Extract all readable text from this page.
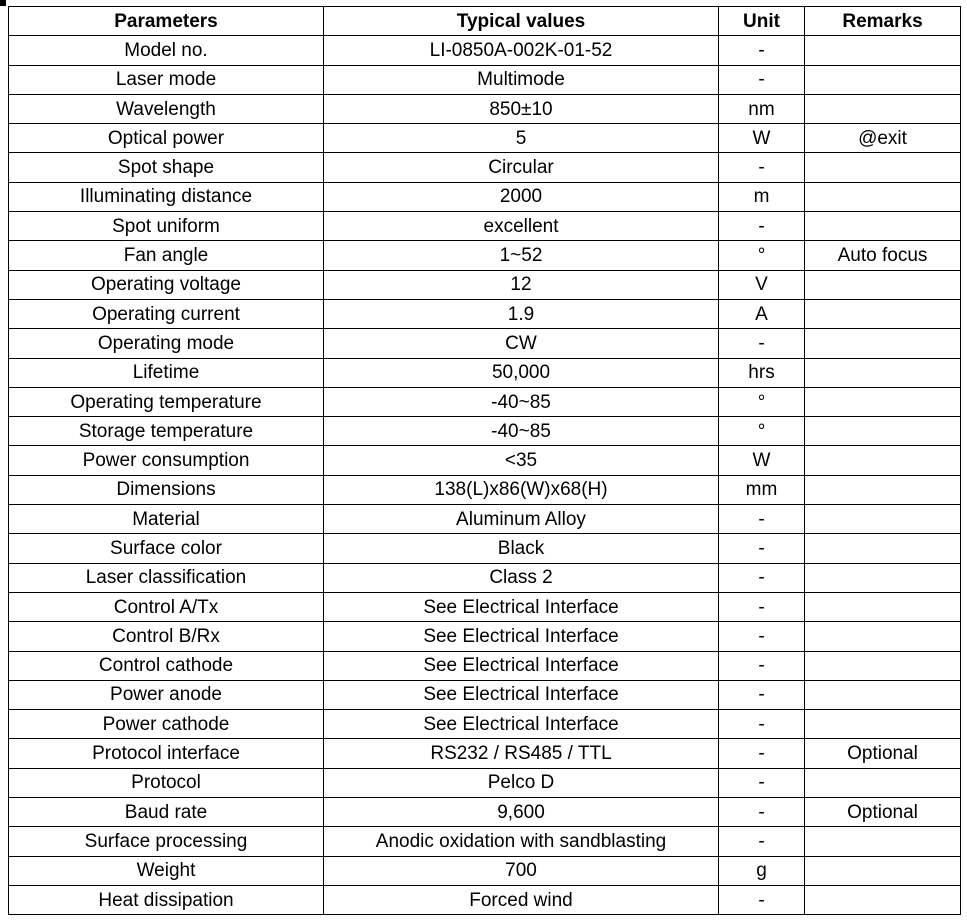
Parameters	Typical values	Unit	Remarks
Model no.	LI-0850A-002K-01-52	-	
Laser mode	Multimode	-	
Wavelength	850±10	nm	
Optical power	5	W	@exit
Spot shape	Circular	-	
Illuminating distance	2000	m	
Spot uniform	excellent	-	
Fan angle	1~52	°	Auto focus
Operating voltage	12	V	
Operating current	1.9	A	
Operating mode	CW	-	
Lifetime	50,000	hrs	
Operating temperature	-40~85	°	
Storage temperature	-40~85	°	
Power consumption	<35	W	
Dimensions	138(L)x86(W)x68(H)	mm	
Material	Aluminum Alloy	-	
Surface color	Black	-	
Laser classification	Class 2	-	
Control A/Tx	See Electrical Interface	-	
Control B/Rx	See Electrical Interface	-	
Control cathode	See Electrical Interface	-	
Power anode	See Electrical Interface	-	
Power cathode	See Electrical Interface	-	
Protocol interface	RS232 / RS485 / TTL	-	Optional
Protocol	Pelco D	-	
Baud rate	9,600	-	Optional
Surface processing	Anodic oxidation with sandblasting	-	
Weight	700	g	
Heat dissipation	Forced wind	-	
